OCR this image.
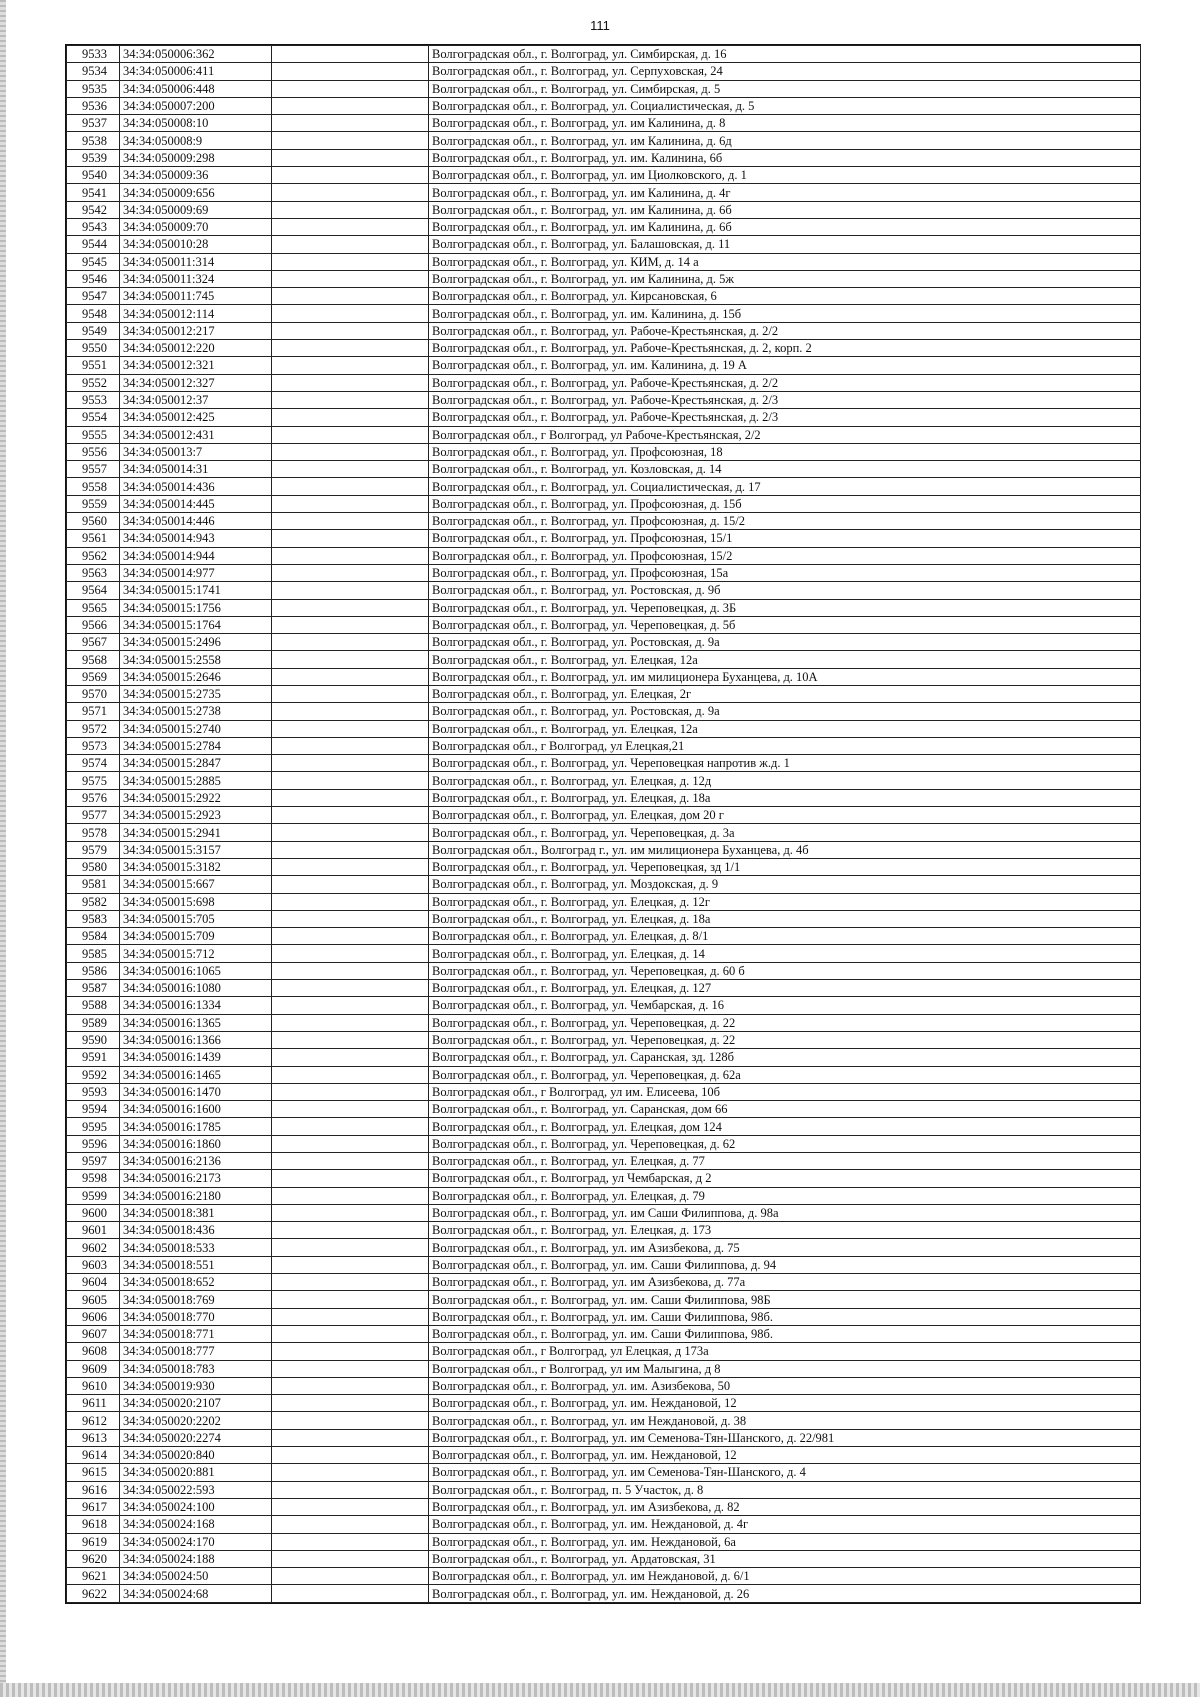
111
9533	34:34:050006:362		Волгоградская обл., г. Волгоград, ул. Симбирская, д. 16
9534	34:34:050006:411		Волгоградская обл., г. Волгоград, ул. Серпуховская, 24
9535	34:34:050006:448		Волгоградская обл., г. Волгоград, ул. Симбирская, д. 5
9536	34:34:050007:200		Волгоградская обл., г. Волгоград, ул. Социалистическая, д. 5
9537	34:34:050008:10		Волгоградская обл., г. Волгоград, ул. им Калинина, д. 8
9538	34:34:050008:9		Волгоградская обл., г. Волгоград, ул. им Калинина, д. 6д
9539	34:34:050009:298		Волгоградская обл., г. Волгоград, ул. им. Калинина, 6б
9540	34:34:050009:36		Волгоградская обл., г. Волгоград, ул. им Циолковского, д. 1
9541	34:34:050009:656		Волгоградская обл., г. Волгоград, ул. им Калинина, д. 4г
9542	34:34:050009:69		Волгоградская обл., г. Волгоград, ул. им Калинина, д. 6б
9543	34:34:050009:70		Волгоградская обл., г. Волгоград, ул. им Калинина, д. 6б
9544	34:34:050010:28		Волгоградская обл., г. Волгоград, ул. Балашовская, д. 11
9545	34:34:050011:314		Волгоградская обл., г. Волгоград, ул. КИМ, д. 14 а
9546	34:34:050011:324		Волгоградская обл., г. Волгоград, ул. им Калинина, д. 5ж
9547	34:34:050011:745		Волгоградская обл., г. Волгоград, ул. Кирсановская, 6
9548	34:34:050012:114		Волгоградская обл., г. Волгоград, ул. им. Калинина, д. 15б
9549	34:34:050012:217		Волгоградская обл., г. Волгоград, ул. Рабоче-Крестьянская, д. 2/2
9550	34:34:050012:220		Волгоградская обл., г. Волгоград, ул. Рабоче-Крестьянская, д. 2, корп. 2
9551	34:34:050012:321		Волгоградская обл., г. Волгоград, ул. им. Калинина, д. 19 А
9552	34:34:050012:327		Волгоградская обл., г. Волгоград, ул. Рабоче-Крестьянская, д. 2/2
9553	34:34:050012:37		Волгоградская обл., г. Волгоград, ул. Рабоче-Крестьянская, д. 2/3
9554	34:34:050012:425		Волгоградская обл., г. Волгоград, ул. Рабоче-Крестьянская, д. 2/3
9555	34:34:050012:431		Волгоградская обл., г Волгоград, ул Рабоче-Крестьянская, 2/2
9556	34:34:050013:7		Волгоградская обл., г. Волгоград, ул. Профсоюзная, 18
9557	34:34:050014:31		Волгоградская обл., г. Волгоград, ул. Козловская, д. 14
9558	34:34:050014:436		Волгоградская обл., г. Волгоград, ул. Социалистическая, д. 17
9559	34:34:050014:445		Волгоградская обл., г. Волгоград, ул. Профсоюзная, д. 15б
9560	34:34:050014:446		Волгоградская обл., г. Волгоград, ул. Профсоюзная, д. 15/2
9561	34:34:050014:943		Волгоградская обл., г. Волгоград, ул. Профсоюзная, 15/1
9562	34:34:050014:944		Волгоградская обл., г. Волгоград, ул. Профсоюзная, 15/2
9563	34:34:050014:977		Волгоградская обл., г. Волгоград, ул. Профсоюзная, 15а
9564	34:34:050015:1741		Волгоградская обл., г. Волгоград, ул. Ростовская, д. 9б
9565	34:34:050015:1756		Волгоградская обл., г. Волгоград, ул. Череповецкая, д. 3Б
9566	34:34:050015:1764		Волгоградская обл., г. Волгоград, ул. Череповецкая, д. 5б
9567	34:34:050015:2496		Волгоградская обл., г. Волгоград, ул. Ростовская, д. 9а
9568	34:34:050015:2558		Волгоградская обл., г. Волгоград, ул. Елецкая, 12а
9569	34:34:050015:2646		Волгоградская обл., г. Волгоград, ул. им милиционера Буханцева, д. 10А
9570	34:34:050015:2735		Волгоградская обл., г. Волгоград, ул. Елецкая, 2г
9571	34:34:050015:2738		Волгоградская обл., г. Волгоград, ул. Ростовская, д. 9а
9572	34:34:050015:2740		Волгоградская обл., г. Волгоград, ул. Елецкая, 12а
9573	34:34:050015:2784		Волгоградская обл., г Волгоград, ул Елецкая,21
9574	34:34:050015:2847		Волгоградская обл., г. Волгоград, ул. Череповецкая напротив ж.д. 1
9575	34:34:050015:2885		Волгоградская обл., г. Волгоград, ул. Елецкая, д. 12д
9576	34:34:050015:2922		Волгоградская обл., г. Волгоград, ул. Елецкая, д. 18а
9577	34:34:050015:2923		Волгоградская обл., г. Волгоград, ул. Елецкая, дом 20 г
9578	34:34:050015:2941		Волгоградская обл., г. Волгоград, ул. Череповецкая, д. 3а
9579	34:34:050015:3157		Волгоградская обл., Волгоград г., ул. им милиционера Буханцева, д. 4б
9580	34:34:050015:3182		Волгоградская обл., г. Волгоград, ул. Череповецкая, зд 1/1
9581	34:34:050015:667		Волгоградская обл., г. Волгоград, ул. Моздокская, д. 9
9582	34:34:050015:698		Волгоградская обл., г. Волгоград, ул. Елецкая, д. 12г
9583	34:34:050015:705		Волгоградская обл., г. Волгоград, ул. Елецкая, д. 18а
9584	34:34:050015:709		Волгоградская обл., г. Волгоград, ул. Елецкая, д. 8/1
9585	34:34:050015:712		Волгоградская обл., г. Волгоград, ул. Елецкая, д. 14
9586	34:34:050016:1065		Волгоградская обл., г. Волгоград, ул. Череповецкая, д. 60 б
9587	34:34:050016:1080		Волгоградская обл., г. Волгоград, ул. Елецкая, д. 127
9588	34:34:050016:1334		Волгоградская обл., г. Волгоград, ул. Чембарская, д. 16
9589	34:34:050016:1365		Волгоградская обл., г. Волгоград, ул. Череповецкая, д. 22
9590	34:34:050016:1366		Волгоградская обл., г. Волгоград, ул. Череповецкая, д. 22
9591	34:34:050016:1439		Волгоградская обл., г. Волгоград, ул. Саранская, зд. 128б
9592	34:34:050016:1465		Волгоградская обл., г. Волгоград, ул. Череповецкая, д. 62а
9593	34:34:050016:1470		Волгоградская обл., г Волгоград, ул им. Елисеева, 10б
9594	34:34:050016:1600		Волгоградская обл., г. Волгоград, ул. Саранская, дом 66
9595	34:34:050016:1785		Волгоградская обл., г. Волгоград, ул. Елецкая, дом 124
9596	34:34:050016:1860		Волгоградская обл., г. Волгоград, ул. Череповецкая, д. 62
9597	34:34:050016:2136		Волгоградская обл., г. Волгоград, ул. Елецкая, д. 77
9598	34:34:050016:2173		Волгоградская обл., г. Волгоград, ул Чембарская, д 2
9599	34:34:050016:2180		Волгоградская обл., г. Волгоград, ул. Елецкая, д. 79
9600	34:34:050018:381		Волгоградская обл., г. Волгоград, ул. им Саши Филиппова, д. 98а
9601	34:34:050018:436		Волгоградская обл., г. Волгоград, ул. Елецкая, д. 173
9602	34:34:050018:533		Волгоградская обл., г. Волгоград, ул. им Азизбекова, д. 75
9603	34:34:050018:551		Волгоградская обл., г. Волгоград, ул. им. Саши Филиппова, д. 94
9604	34:34:050018:652		Волгоградская обл., г. Волгоград, ул. им Азизбекова, д. 77а
9605	34:34:050018:769		Волгоградская обл., г. Волгоград, ул. им. Саши Филиппова, 98Б
9606	34:34:050018:770		Волгоградская обл., г. Волгоград, ул. им. Саши Филиппова, 98б.
9607	34:34:050018:771		Волгоградская обл., г. Волгоград, ул. им. Саши Филиппова, 98б.
9608	34:34:050018:777		Волгоградская обл., г Волгоград, ул Елецкая, д 173а
9609	34:34:050018:783		Волгоградская обл., г Волгоград, ул им Малыгина, д 8
9610	34:34:050019:930		Волгоградская обл., г. Волгоград, ул. им. Азизбекова, 50
9611	34:34:050020:2107		Волгоградская обл., г. Волгоград, ул. им. Неждановой, 12
9612	34:34:050020:2202		Волгоградская обл., г. Волгоград, ул. им Неждановой, д. 38
9613	34:34:050020:2274		Волгоградская обл., г. Волгоград, ул. им Семенова-Тян-Шанского, д. 22/981
9614	34:34:050020:840		Волгоградская обл., г. Волгоград, ул. им. Неждановой, 12
9615	34:34:050020:881		Волгоградская обл., г. Волгоград, ул. им Семенова-Тян-Шанского, д. 4
9616	34:34:050022:593		Волгоградская обл., г. Волгоград, п. 5 Участок, д. 8
9617	34:34:050024:100		Волгоградская обл., г. Волгоград, ул. им Азизбекова, д. 82
9618	34:34:050024:168		Волгоградская обл., г. Волгоград, ул. им. Неждановой, д. 4г
9619	34:34:050024:170		Волгоградская обл., г. Волгоград, ул. им. Неждановой, 6а
9620	34:34:050024:188		Волгоградская обл., г. Волгоград, ул. Ардатовская, 31
9621	34:34:050024:50		Волгоградская обл., г. Волгоград, ул. им Неждановой, д. 6/1
9622	34:34:050024:68		Волгоградская обл., г. Волгоград, ул. им. Неждановой, д. 26
